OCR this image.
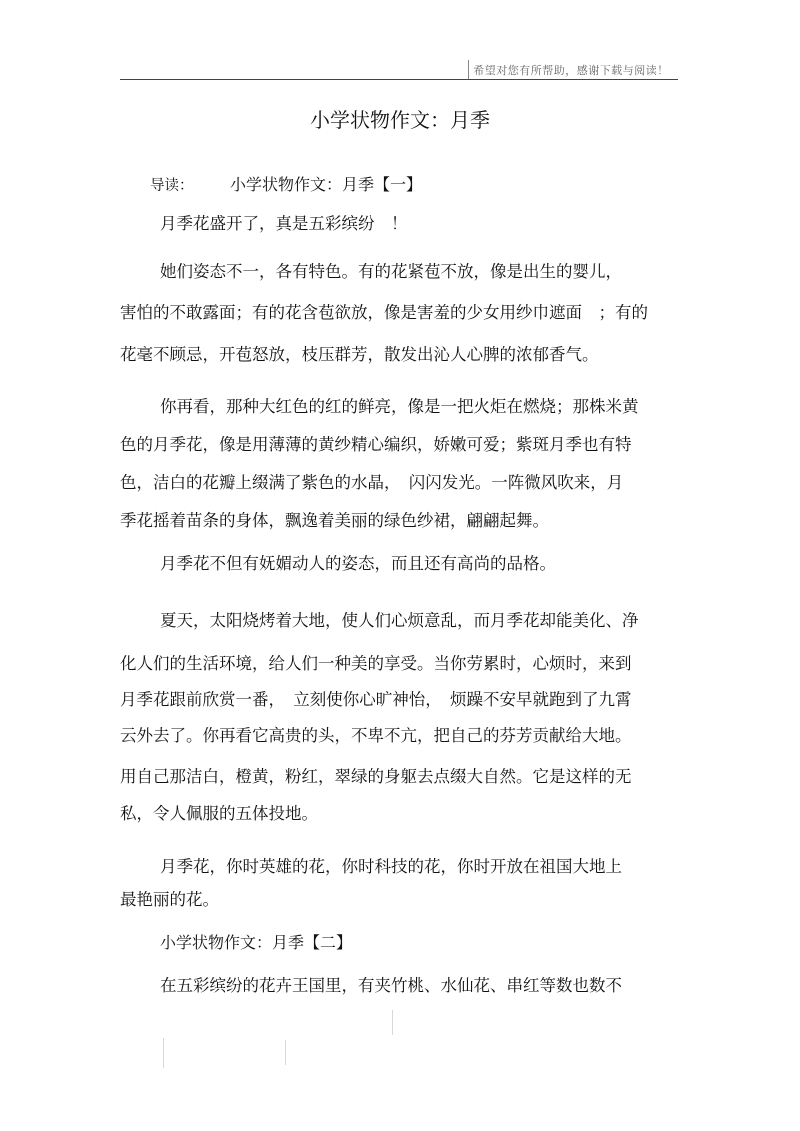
希望对您有所帮助，感谢下载与阅读！
小学状物作文：月季
导读： 小学状物作文：月季【一】
月季花盛开了，真是五彩缤纷　！
她们姿态不一，各有特色。有的花紧苞不放，像是出生的婴儿，
害怕的不敢露面；有的花含苞欲放，像是害羞的少女用纱巾遮面　；有的
花毫不顾忌，开苞怒放，枝压群芳，散发出沁人心脾的浓郁香气。
你再看，那种大红色的红的鲜亮，像是一把火炬在燃烧；那株米黄
色的月季花，像是用薄薄的黄纱精心编织，娇嫩可爱；紫斑月季也有特
色，洁白的花瓣上缀满了紫色的水晶，　闪闪发光。一阵微风吹来，月
季花摇着苗条的身体，飘逸着美丽的绿色纱裙，翩翩起舞。
月季花不但有妩媚动人的姿态，而且还有高尚的品格。
夏天，太阳烧烤着大地，使人们心烦意乱，而月季花却能美化、净
化人们的生活环境，给人们一种美的享受。当你劳累时，心烦时，来到
月季花跟前欣赏一番，　立刻使你心旷神怡，　烦躁不安早就跑到了九霄
云外去了。你再看它高贵的头，不卑不亢，把自己的芬芳贡献给大地。
用自己那洁白，橙黄，粉红，翠绿的身躯去点缀大自然。它是这样的无
私，令人佩服的五体投地。
月季花，你时英雄的花，你时科技的花，你时开放在祖国大地上
最艳丽的花。
小学状物作文：月季【二】
在五彩缤纷的花卉王国里，有夹竹桃、水仙花、串红等数也数不
